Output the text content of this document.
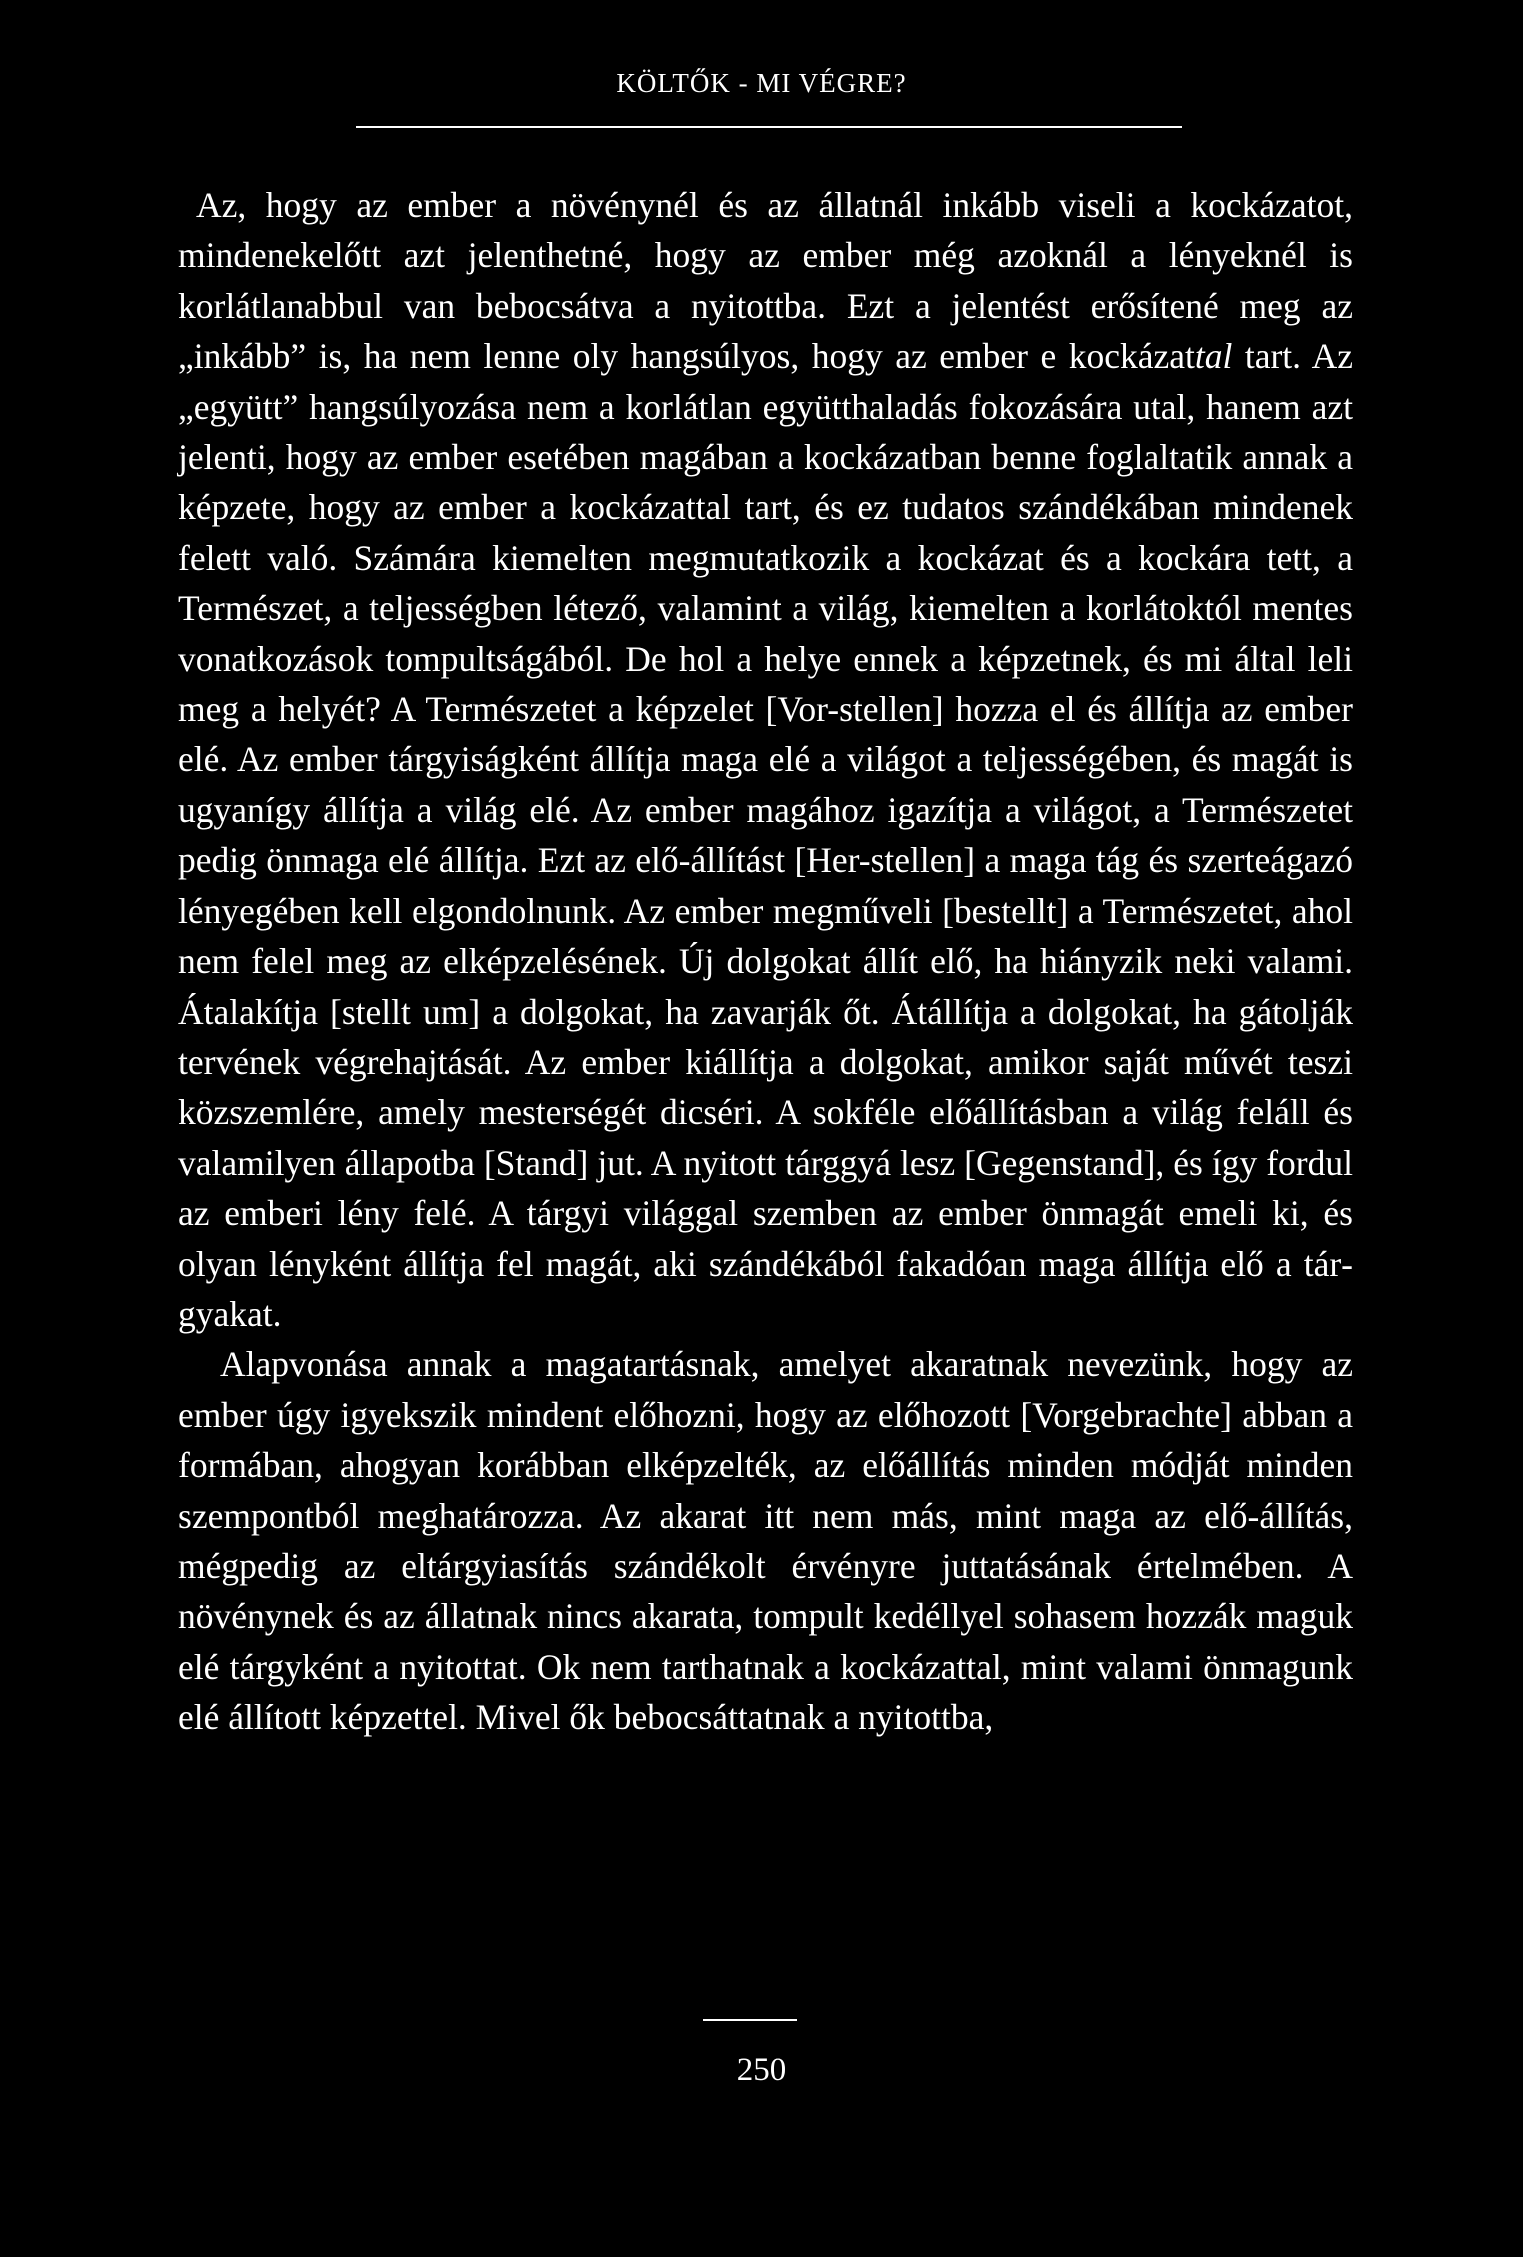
KÖLTŐK - MI VÉGRE?

Az, hogy az ember a növénynél és az állatnál inkább viseli a kockázatot, mindenekelőtt azt jelenthetné, hogy az ember még azoknál a lényeknél is korlátlanabbul van bebocsátva a nyitottba. Ezt a jelentést erősítené meg az „inkább” is, ha nem lenne oly hangsúlyos, hogy az ember e kockázattal tart. Az „együtt” hangsúlyozása nem a korlátlan együtthaladás fokozására utal, hanem azt jelenti, hogy az ember esetében magában a kockázatban benne foglaltatik annak a képzete, hogy az ember a kockázattal tart, és ez tudatos szándékában mindenek felett való. Számára kiemelten megmutatkozik a kockázat és a kockára tett, a Természet, a teljességben létező, valamint a világ, kiemelten a korlátoktól mentes vonatkozások tompultságából. De hol a helye ennek a képzetnek, és mi által leli meg a helyét? A Természetet a képzelet [Vor-stellen] hozza el és állítja az ember elé. Az ember tárgyiságként állítja maga elé a világot a teljességében, és magát is ugyanígy állítja a világ elé. Az ember magához igazítja a világot, a Természetet pedig önmaga elé állítja. Ezt az elő-állítást [Her-stellen] a maga tág és szerteágazó lényegében kell elgondolnunk. Az ember megműveli [bestellt] a Természetet, ahol nem felel meg az elképzelésének. Új dolgokat állít elő, ha hiányzik neki valami. Átalakítja [stellt um] a dolgokat, ha zavarják őt. Átállítja a dolgokat, ha gátolják tervének végrehajtását. Az ember kiállítja a dolgokat, amikor saját művét teszi közszemlére, amely mesterségét dicséri. A sokféle előállításban a világ feláll és valamilyen állapotba [Stand] jut. A nyitott tárggyá lesz [Gegenstand], és így fordul az emberi lény felé. A tárgyi világgal szemben az ember önmagát emeli ki, és olyan lényként állítja fel magát, aki szándékából fakadóan maga állítja elő a tárgyakat.

Alapvonása annak a magatartásnak, amelyet akaratnak nevezünk, hogy az ember úgy igyekszik mindent előhozni, hogy az előhozott [Vorgebrachte] abban a formában, ahogyan korábban elképzelték, az előállítás minden módját minden szempontból meghatározza. Az akarat itt nem más, mint maga az elő-állítás, mégpedig az eltárgyiasítás szándékolt érvényre juttatásának értelmében. A növénynek és az állatnak nincs akarata, tompult kedéllyel sohasem hozzák maguk elé tárgyként a nyitottat. Ok nem tarthatnak a kockázattal, mint valami önmagunk elé állított képzettel. Mivel ők bebocsáttatnak a nyitottba,

250
